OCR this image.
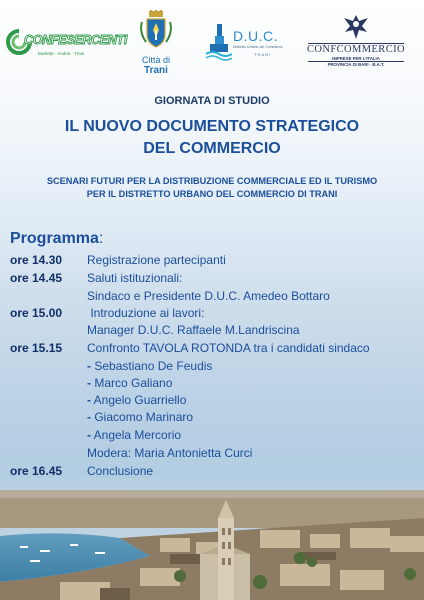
CONFESERCENTI
Barletta · Andria · Trani
Città di
Trani
D.U.C.
Distretto Urbano del Commercio
TRANI	CONFCOMMERCIO
IMPRESE PER L'ITALIA
PROVINCIA DI BARI · B.A.T.
GIORNATA DI STUDIO
IL NUOVO DOCUMENTO STRATEGICO
DEL COMMERCIO
SCENARI FUTURI PER LA DISTRIBUZIONE COMMERCIALE ED IL TURISMO
PER IL DISTRETTO URBANO DEL COMMERCIO DI TRANI
Programma:
ore 14.30 Registrazione partecipanti
ore 14.45 Saluti istituzionali:
Sindaco e Presidente D.U.C. Amedeo Bottaro
ore 15.00 Introduzione ai lavori:
Manager D.U.C. Raffaele M.Landriscina
ore 15.15 Confronto TAVOLA ROTONDA tra i candidati sindaco
- Sebastiano De Feudis
- Marco Galiano
- Angelo Guarriello
- Giacomo Marinaro
- Angela Mercorio
Modera: Maria Antonietta Curci
ore 16.45 Conclusione
